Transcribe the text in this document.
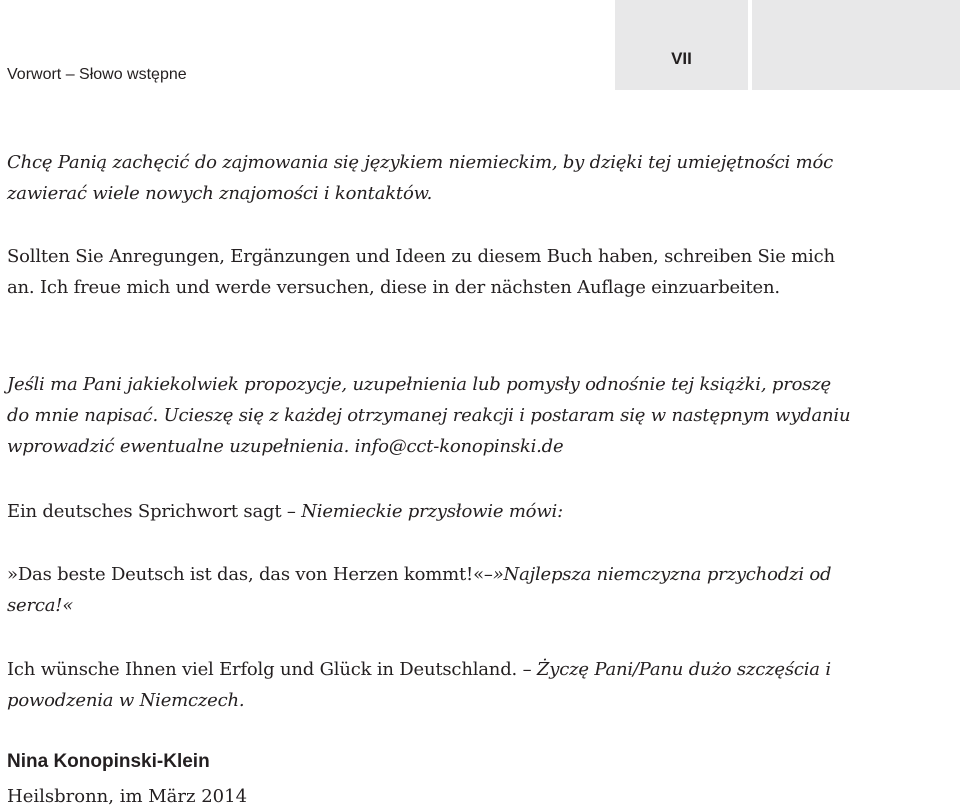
VII
Vorwort – Słowo wstępne

Chcę Panią zachęcić do zajmowania się językiem niemieckim, by dzięki tej umiejętności móc zawierać wiele nowych znajomości i kontaktów.

Sollten Sie Anregungen, Ergänzungen und Ideen zu diesem Buch haben, schreiben Sie mich an. Ich freue mich und werde versuchen, diese in der nächsten Auflage einzuarbeiten.

Jeśli ma Pani jakiekolwiek propozycje, uzupełnienia lub pomysły odnośnie tej książki, proszę do mnie napisać. Ucieszę się z każdej otrzymanej reakcji i postaram się w następnym wydaniu wprowadzić ewentualne uzupełnienia. info@cct-konopinski.de

Ein deutsches Sprichwort sagt – Niemieckie przysłowie mówi:

»Das beste Deutsch ist das, das von Herzen kommt!«–»Najlepsza niemczyzna przychodzi od serca!«

Ich wünsche Ihnen viel Erfolg und Glück in Deutschland. – Życzę Pani/Panu dużo szczęścia i powodzenia w Niemczech.

Nina Konopinski-Klein
Heilsbronn, im März 2014
